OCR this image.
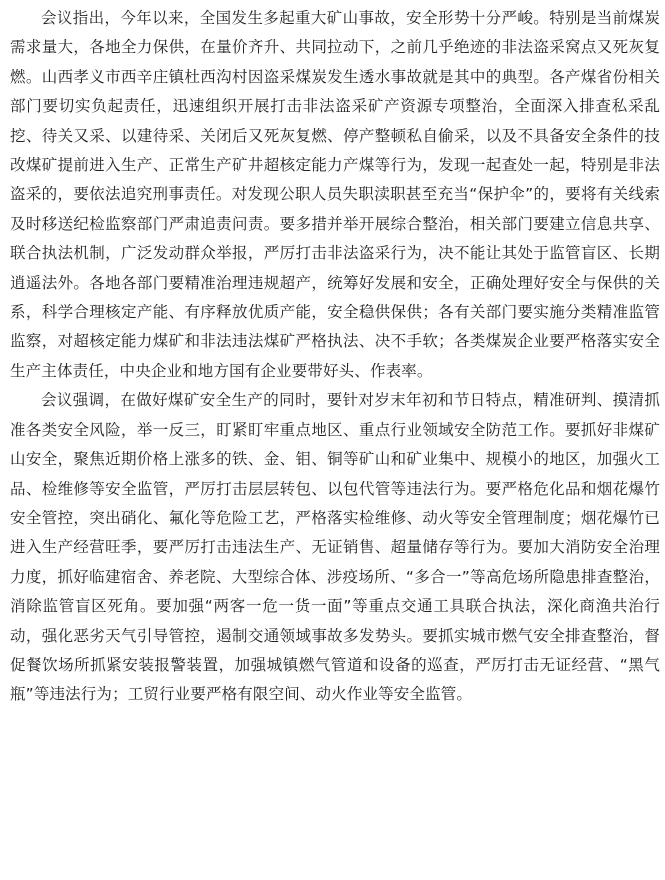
会议指出，今年以来，全国发生多起重大矿山事故，安全形势十分严峻。特别是当前煤炭需求量大，各地全力保供，在量价齐升、共同拉动下，之前几乎绝迹的非法盗采窝点又死灰复燃。山西孝义市西辛庄镇杜西沟村因盗采煤炭发生透水事故就是其中的典型。各产煤省份相关部门要切实负起责任，迅速组织开展打击非法盗采矿产资源专项整治，全面深入排查私采乱挖、待关又采、以建待采、关闭后又死灰复燃、停产整顿私自偷采，以及不具备安全条件的技改煤矿提前进入生产、正常生产矿井超核定能力产煤等行为，发现一起查处一起，特别是非法盗采的，要依法追究刑事责任。对发现公职人员失职渎职甚至充当“保护伞”的，要将有关线索及时移送纪检监察部门严肃追责问责。要多措并举开展综合整治，相关部门要建立信息共享、联合执法机制，广泛发动群众举报，严厉打击非法盗采行为，决不能让其处于监管盲区、长期逍遥法外。各地各部门要精准治理违规超产，统筹好发展和安全，正确处理好安全与保供的关系，科学合理核定产能、有序释放优质产能，安全稳供保供；各有关部门要实施分类精准监管监察，对超核定能力煤矿和非法违法煤矿严格执法、决不手软；各类煤炭企业要严格落实安全生产主体责任，中央企业和地方国有企业要带好头、作表率。

会议强调，在做好煤矿安全生产的同时，要针对岁末年初和节日特点，精准研判、摸清抓准各类安全风险，举一反三，盯紧盯牢重点地区、重点行业领域安全防范工作。要抓好非煤矿山安全，聚焦近期价格上涨多的铁、金、钼、铜等矿山和矿业集中、规模小的地区，加强火工品、检维修等安全监管，严厉打击层层转包、以包代管等违法行为。要严格危化品和烟花爆竹安全管控，突出硝化、氟化等危险工艺，严格落实检维修、动火等安全管理制度；烟花爆竹已进入生产经营旺季，要严厉打击违法生产、无证销售、超量储存等行为。要加大消防安全治理力度，抓好临建宿舍、养老院、大型综合体、涉疫场所、“多合一”等高危场所隐患排查整治，消除监管盲区死角。要加强“两客一危一货一面”等重点交通工具联合执法，深化商渔共治行动，强化恶劣天气引导管控，遏制交通领域事故多发势头。要抓实城市燃气安全排查整治，督促餐饮场所抓紧安装报警装置，加强城镇燃气管道和设备的巡查，严厉打击无证经营、“黑气瓶”等违法行为；工贸行业要严格有限空间、动火作业等安全监管。
